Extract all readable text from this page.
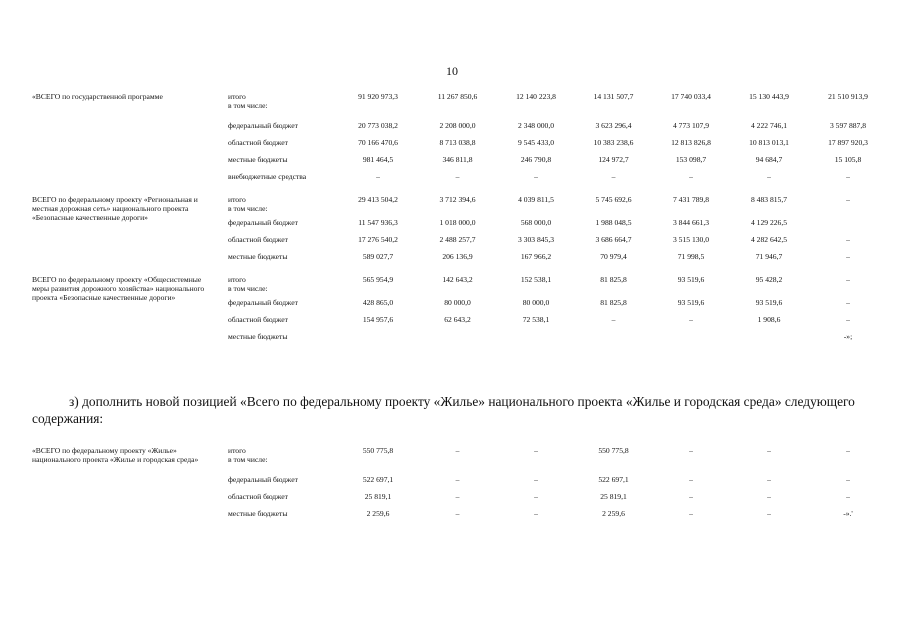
10
«ВСЕГО по государственной программе	итого
в том числе:	91 920 973,3	11 267 850,6	12 140 223,8	14 131 507,7	17 740 033,4	15 130 443,9	21 510 913,9

	федеральный бюджет	20 773 038,2	2 208 000,0	2 348 000,0	3 623 296,4	4 773 107,9	4 222 746,1	3 597 887,8

	областной бюджет	70 166 470,6	8 713 038,8	9 545 433,0	10 383 238,6	12 813 826,8	10 813 013,1	17 897 920,3

	местные бюджеты	981 464,5	346 811,8	246 790,8	124 972,7	153 098,7	94 684,7	15 105,8

	внебюджетные средства	–	–	–	–	–	–	–
ВСЕГО по федеральному проекту «Региональная и местная дорожная сеть» национального проекта «Безопасные качественные дороги»	итого
в том числе:	29 413 504,2	3 712 394,6	4 039 811,5	5 745 692,6	7 431 789,8	8 483 815,7	–

	федеральный бюджет	11 547 936,3	1 018 000,0	568 000,0	1 988 048,5	3 844 661,3	4 129 226,5	

	областной бюджет	17 276 540,2	2 488 257,7	3 303 845,3	3 686 664,7	3 515 130,0	4 282 642,5	–

	местные бюджеты	589 027,7	206 136,9	167 966,2	70 979,4	71 998,5	71 946,7	–
ВСЕГО по федеральному проекту «Общесистемные меры развития дорожного хозяйства» национального проекта «Безопасные качественные дороги»	итого
в том числе:	565 954,9	142 643,2	152 538,1	81 825,8	93 519,6	95 428,2	–

	федеральный бюджет	428 865,0	80 000,0	80 000,0	81 825,8	93 519,6	93 519,6	–

	областной бюджет	154 957,6	62 643,2	72 538,1	–	–	1 908,6	–

	местные бюджеты							-»;
з) дополнить новой позицией «Всего по федеральному проекту «Жилье» национального проекта «Жилье и городская среда» следующего содержания:
«ВСЕГО по федеральному проекту «Жилье» национального проекта «Жилье и городская среда»	итого
в том числе:	550 775,8	–	–	550 775,8	–	–	–

	федеральный бюджет	522 697,1	–	–	522 697,1	–	–	–

	областной бюджет	25 819,1	–	–	25 819,1	–	–	–

	местные бюджеты	2 259,6	–	–	2 259,6	–	–	-».'
